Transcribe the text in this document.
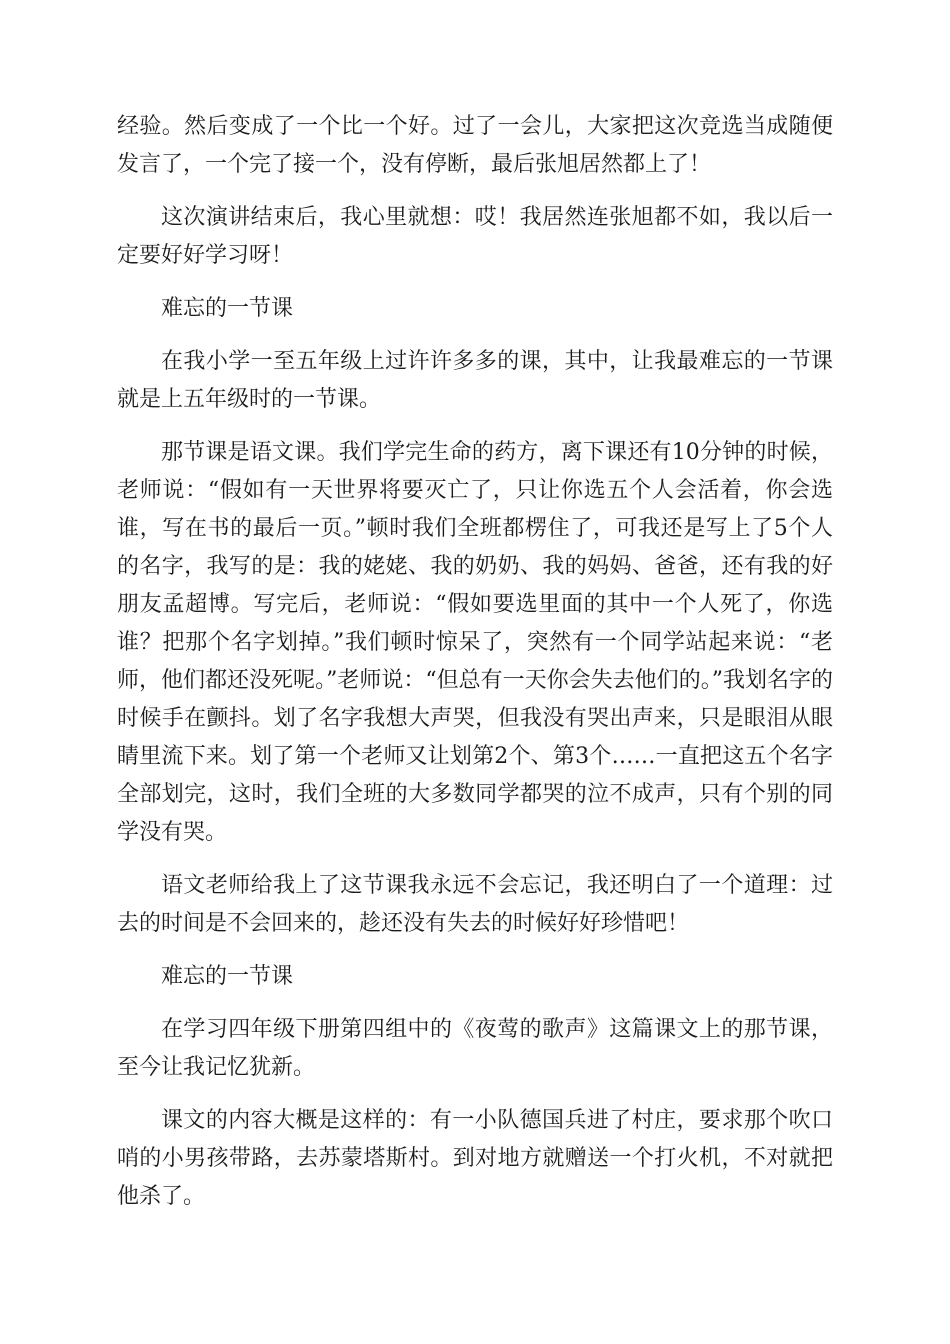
经验。然后变成了一个比一个好。过了一会儿，大家把这次竞选当成随便发言了，一个完了接一个，没有停断，最后张旭居然都上了！

这次演讲结束后，我心里就想：哎！我居然连张旭都不如，我以后一定要好好学习呀！

难忘的一节课

在我小学一至五年级上过许许多多的课，其中，让我最难忘的一节课就是上五年级时的一节课。

那节课是语文课。我们学完生命的药方，离下课还有10分钟的时候，老师说：“假如有一天世界将要灭亡了，只让你选五个人会活着，你会选谁，写在书的最后一页。”顿时我们全班都楞住了，可我还是写上了5个人的名字，我写的是：我的姥姥、我的奶奶、我的妈妈、爸爸，还有我的好朋友孟超博。写完后，老师说：“假如要选里面的其中一个人死了，你选谁？把那个名字划掉。”我们顿时惊呆了，突然有一个同学站起来说：“老师，他们都还没死呢。”老师说：“但总有一天你会失去他们的。”我划名字的时候手在颤抖。划了名字我想大声哭，但我没有哭出声来，只是眼泪从眼睛里流下来。划了第一个老师又让划第2个、第3个……一直把这五个名字全部划完，这时，我们全班的大多数同学都哭的泣不成声，只有个别的同学没有哭。

语文老师给我上了这节课我永远不会忘记，我还明白了一个道理：过去的时间是不会回来的，趁还没有失去的时候好好珍惜吧！

难忘的一节课

在学习四年级下册第四组中的《夜莺的歌声》这篇课文上的那节课，至今让我记忆犹新。

课文的内容大概是这样的：有一小队德国兵进了村庄，要求那个吹口哨的小男孩带路，去苏蒙塔斯村。到对地方就赠送一个打火机，不对就把他杀了。
